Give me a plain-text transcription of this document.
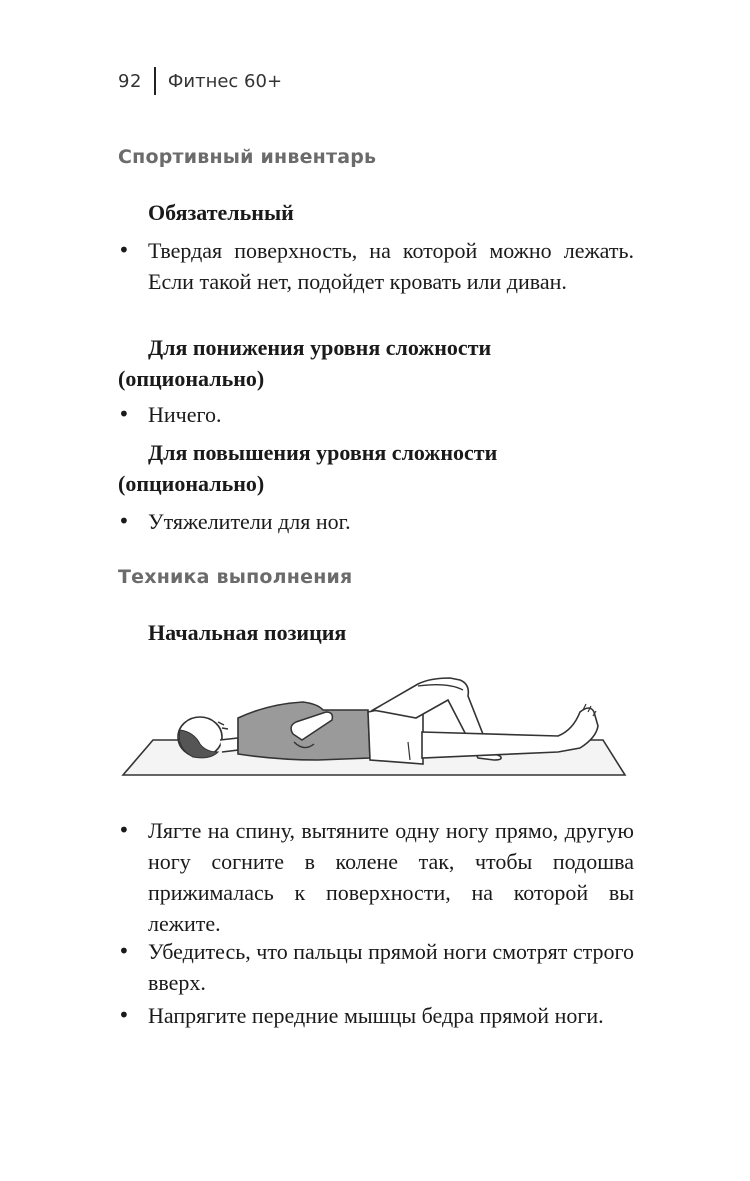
92 Фитнес 60+
Спортивный инвентарь
Обязательный
• Твердая поверхность, на которой можно лежать. Если такой нет, подойдет кровать или диван.
Для понижения уровня сложности (опционально)
• Ничего.
Для повышения уровня сложности (опционально)
• Утяжелители для ног.
Техника выполнения
Начальная позиция
• Лягте на спину, вытяните одну ногу прямо, другую ногу согните в колене так, чтобы подошва прижималась к поверхности, на которой вы лежите.
• Убедитесь, что пальцы прямой ноги смотрят строго вверх.
• Напрягите передние мышцы бедра прямой ноги.
